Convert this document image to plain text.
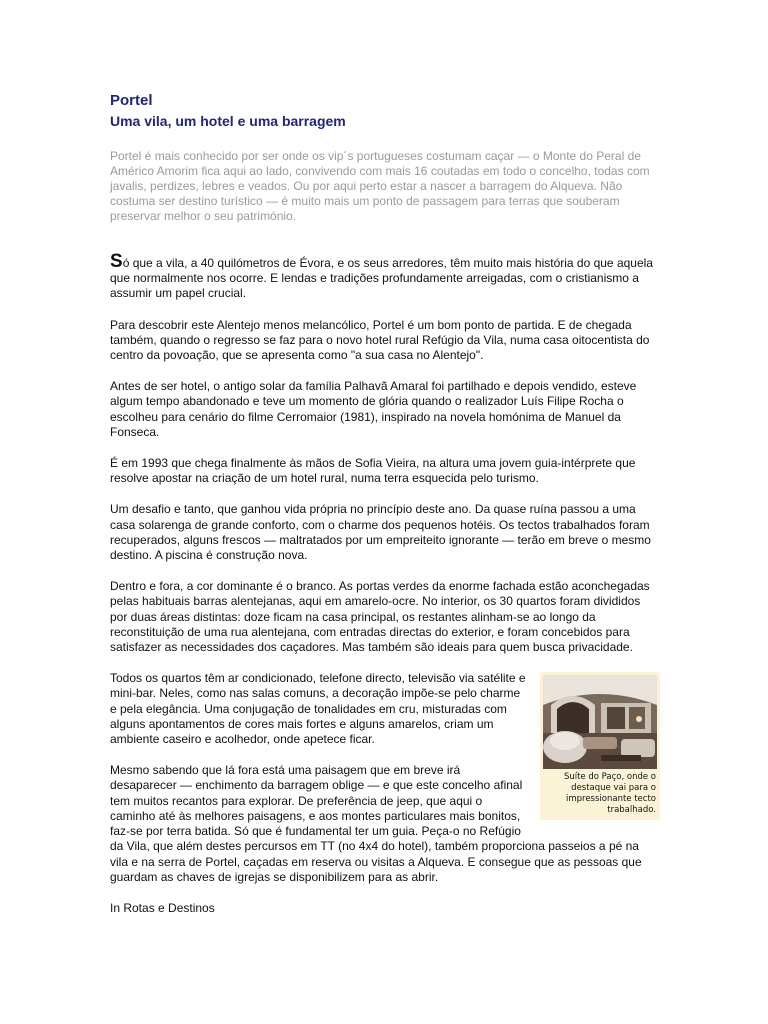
Portel
Uma vila, um hotel e uma barragem

Portel é mais conhecido por ser onde os vip´s portugueses costumam caçar — o Monte do Peral de Américo Amorim fica aqui ao lado, convivendo com mais 16 coutadas em todo o concelho, todas com javalis, perdizes, lebres e veados. Ou por aqui perto estar a nascer a barragem do Alqueva. Não costuma ser destino turístico — é muito mais um ponto de passagem para terras que souberam preservar melhor o seu património.

Só que a vila, a 40 quilómetros de Évora, e os seus arredores, têm muito mais história do que aquela que normalmente nos ocorre. E lendas e tradições profundamente arreigadas, com o cristianismo a assumir um papel crucial.

Para descobrir este Alentejo menos melancólico, Portel é um bom ponto de partida. E de chegada também, quando o regresso se faz para o novo hotel rural Refúgio da Vila, numa casa oitocentista do centro da povoação, que se apresenta como "a sua casa no Alentejo".

Antes de ser hotel, o antigo solar da família Palhavã Amaral foi partilhado e depois vendido, esteve algum tempo abandonado e teve um momento de glória quando o realizador Luís Filipe Rocha o escolheu para cenário do filme Cerromaior (1981), inspirado na novela homónima de Manuel da Fonseca.

É em 1993 que chega finalmente às mãos de Sofia Vieira, na altura uma jovem guia-intérprete que resolve apostar na criação de um hotel rural, numa terra esquecida pelo turismo.

Um desafio e tanto, que ganhou vida própria no princípio deste ano. Da quase ruína passou a uma casa solarenga de grande conforto, com o charme dos pequenos hotéis. Os tectos trabalhados foram recuperados, alguns frescos — maltratados por um empreiteito ignorante — terão em breve o mesmo destino. A piscina é construção nova.

Dentro e fora, a cor dominante é o branco. As portas verdes da enorme fachada estão aconchegadas pelas habituais barras alentejanas, aqui em amarelo-ocre. No interior, os 30 quartos foram divididos por duas áreas distintas: doze ficam na casa principal, os restantes alinham-se ao longo da reconstituição de uma rua alentejana, com entradas directas do exterior, e foram concebidos para satisfazer as necessidades dos caçadores. Mas também são ideais para quem busca privacidade.

Suíte do Paço, onde o destaque vai para o impressionante tecto trabalhado.

Todos os quartos têm ar condicionado, telefone directo, televisão via satélite e mini-bar. Neles, como nas salas comuns, a decoração impõe-se pelo charme e pela elegância. Uma conjugação de tonalidades em cru, misturadas com alguns apontamentos de cores mais fortes e alguns amarelos, criam um ambiente caseiro e acolhedor, onde apetece ficar.

Mesmo sabendo que lá fora está uma paisagem que em breve irá desaparecer — enchimento da barragem oblige — e que este concelho afinal tem muitos recantos para explorar. De preferência de jeep, que aqui o caminho até às melhores paisagens, e aos montes particulares mais bonitos, faz-se por terra batida. Só que é fundamental ter um guia. Peça-o no Refúgio da Vila, que além destes percursos em TT (no 4x4 do hotel), também proporciona passeios a pé na vila e na serra de Portel, caçadas em reserva ou visitas a Alqueva. E consegue que as pessoas que guardam as chaves de igrejas se disponibilizem para as abrir.

In Rotas e Destinos
